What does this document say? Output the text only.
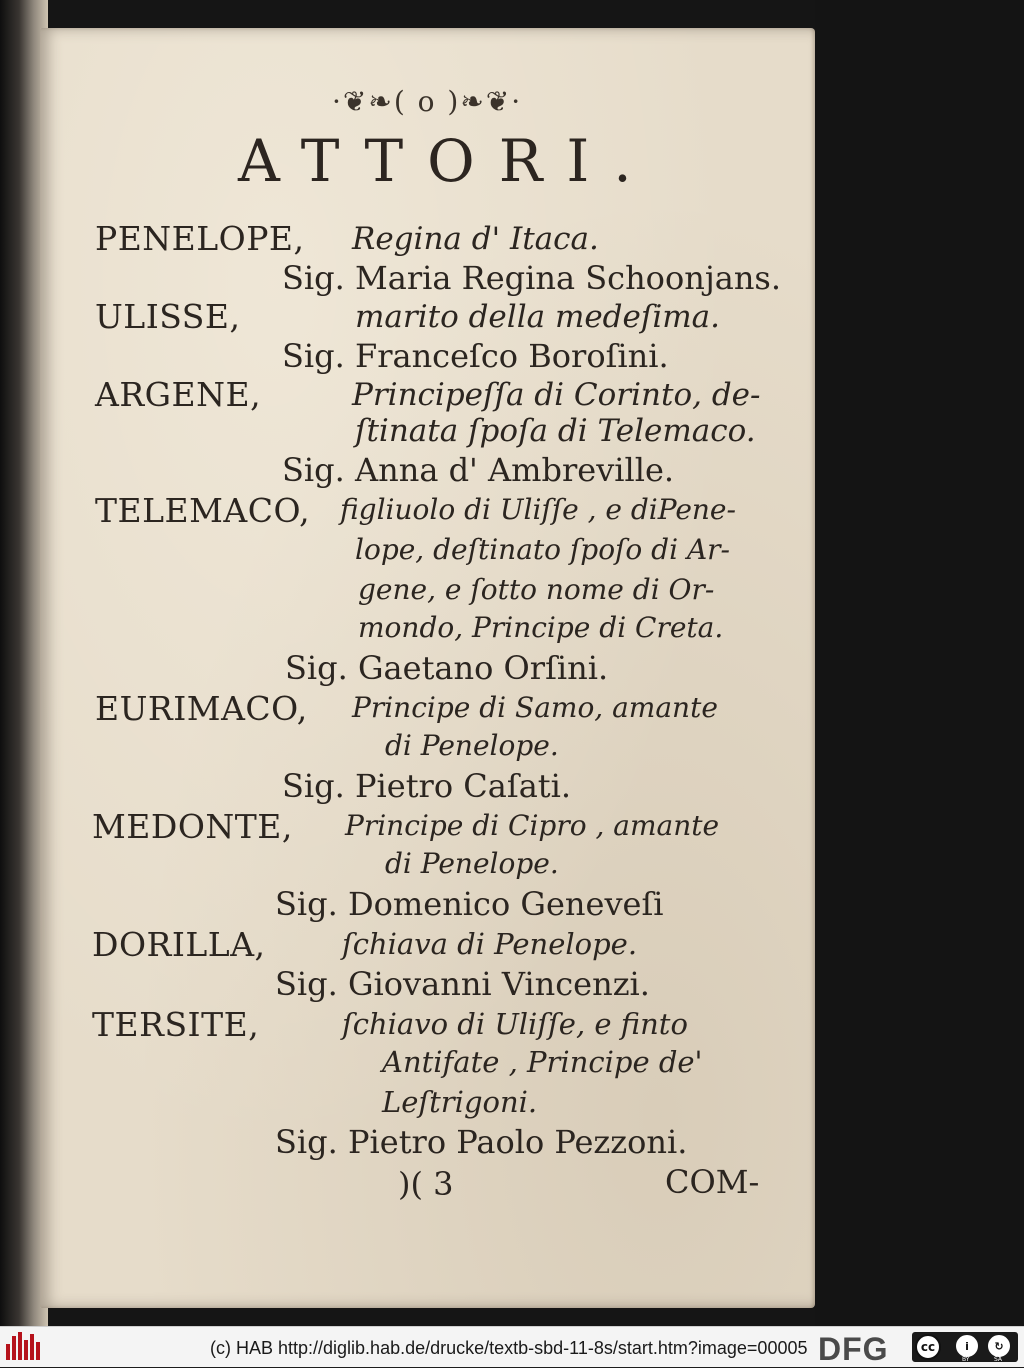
·❦❧( o )❧❦·
ATTORI.
PENELOPE, Regina d' Itaca.
Sig. Maria Regina Schoonjans.
ULISSE,	marito della medeſima.
Sig. Franceſco Boroſini.
ARGENE,	Principeſſa di Corinto, de-
ſtinata ſpoſa di Telemaco.
Sig. Anna d' Ambreville.
TELEMACO, figliuolo di Uliſſe , e diPene-
lope, deſtinato ſpoſo di Ar-
gene, e ſotto nome di Or-
mondo, Principe di Creta.
Sig. Gaetano Orſini.
EURIMACO, Principe di Samo, amante
di Penelope.
Sig. Pietro Caſati.
MEDONTE, Principe di Cipro , amante
di Penelope.
Sig. Domenico Geneveſi
DORILLA,	ſchiava di Penelope.
Sig. Giovanni Vincenzi.
TERSITE,	ſchiavo di Uliſſe, e finto
Antifate , Principe de'
Leſtrigoni.
Sig. Pietro Paolo Pezzoni.
)( 3	COM-
(c) HAB http://diglib.hab.de/drucke/textb-sbd-11-8s/start.htm?image=00005 DFG	cc	i	↻
BY	SA
